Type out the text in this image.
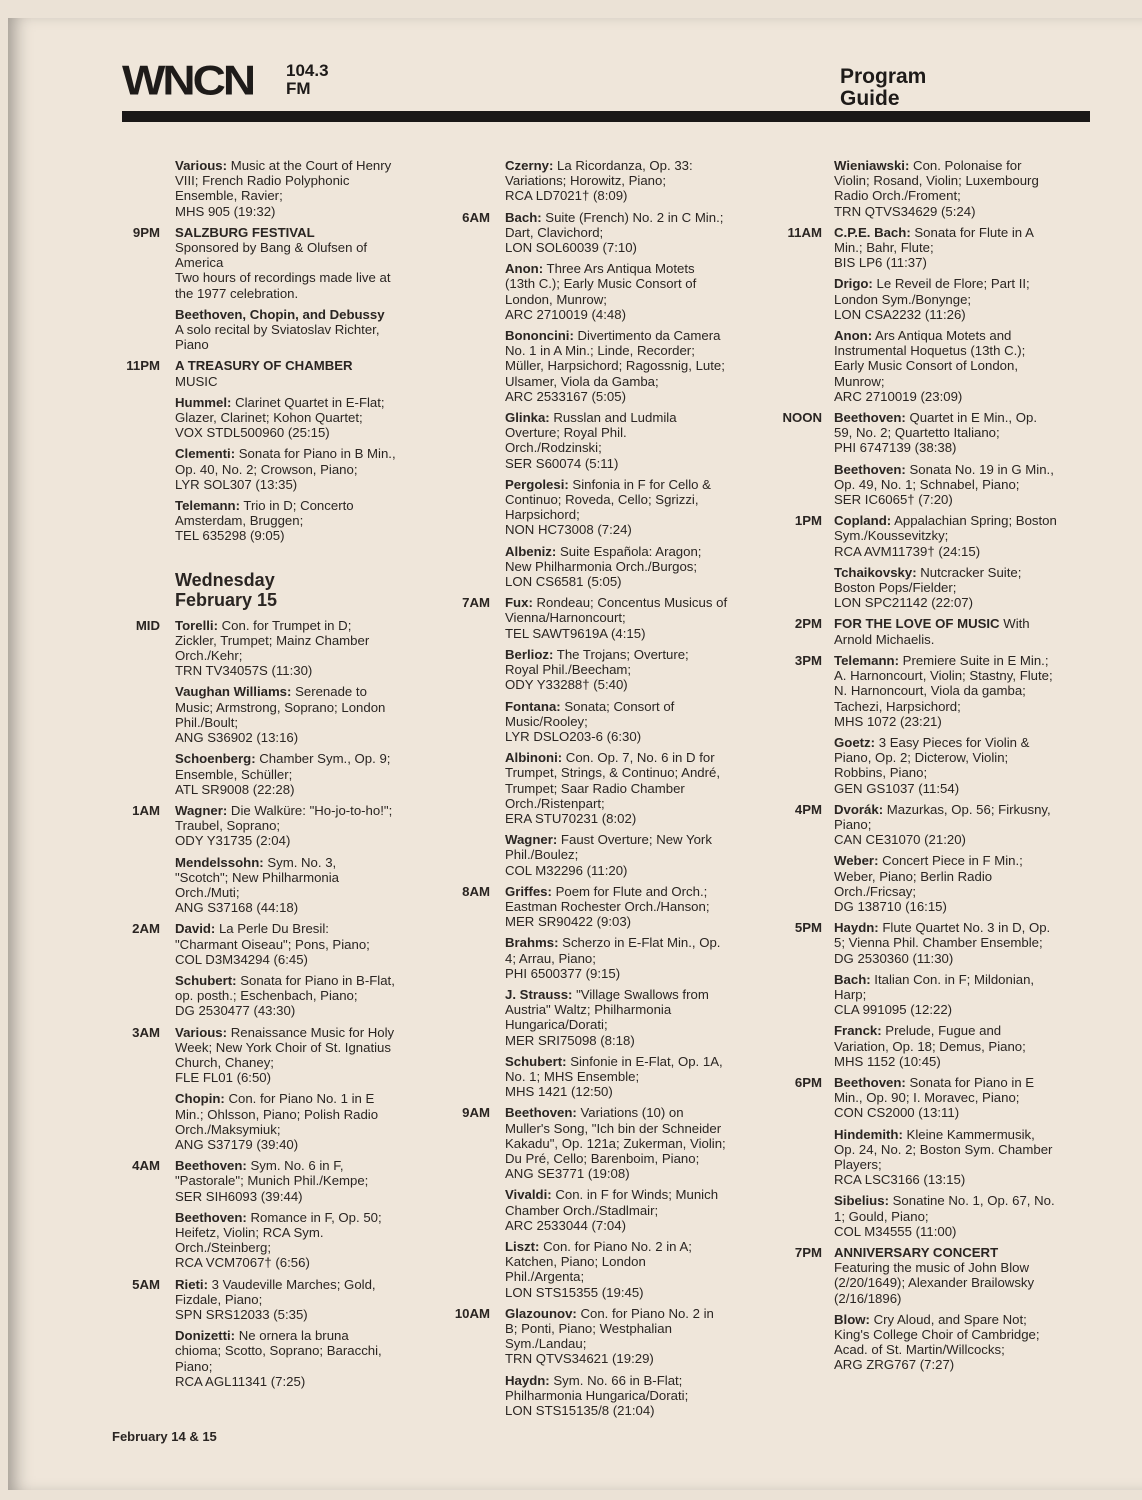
WNCN 104.3
FM
Program
Guide
Various: Music at the Court of Henry
VIII; French Radio Polyphonic
Ensemble, Ravier;
MHS 905 (19:32)
9PM SALZBURG FESTIVAL
Sponsored by Bang & Olufsen of
America
Two hours of recordings made live at
the 1977 celebration.
Beethoven, Chopin, and Debussy
A solo recital by Sviatoslav Richter,
Piano
11PM A TREASURY OF CHAMBER
MUSIC
Hummel: Clarinet Quartet in E-Flat;
Glazer, Clarinet; Kohon Quartet;
VOX STDL500960 (25:15)
Clementi: Sonata for Piano in B Min.,
Op. 40, No. 2; Crowson, Piano;
LYR SOL307 (13:35)
Telemann: Trio in D; Concerto
Amsterdam, Bruggen;
TEL 635298 (9:05)
Wednesday
February 15
MID Torelli: Con. for Trumpet in D;
Zickler, Trumpet; Mainz Chamber
Orch./Kehr;
TRN TV34057S (11:30)
Vaughan Williams: Serenade to
Music; Armstrong, Soprano; London
Phil./Boult;
ANG S36902 (13:16)
Schoenberg: Chamber Sym., Op. 9;
Ensemble, Schüller;
ATL SR9008 (22:28)
1AM Wagner: Die Walküre: "Ho-jo-to-ho!";
Traubel, Soprano;
ODY Y31735 (2:04)
Mendelssohn: Sym. No. 3,
"Scotch"; New Philharmonia
Orch./Muti;
ANG S37168 (44:18)
2AM David: La Perle Du Bresil:
"Charmant Oiseau"; Pons, Piano;
COL D3M34294 (6:45)
Schubert: Sonata for Piano in B-Flat,
op. posth.; Eschenbach, Piano;
DG 2530477 (43:30)
3AM Various: Renaissance Music for Holy
Week; New York Choir of St. Ignatius
Church, Chaney;
FLE FL01 (6:50)
Chopin: Con. for Piano No. 1 in E
Min.; Ohlsson, Piano; Polish Radio
Orch./Maksymiuk;
ANG S37179 (39:40)
4AM Beethoven: Sym. No. 6 in F,
"Pastorale"; Munich Phil./Kempe;
SER SIH6093 (39:44)
Beethoven: Romance in F, Op. 50;
Heifetz, Violin; RCA Sym.
Orch./Steinberg;
RCA VCM7067† (6:56)
5AM Rieti: 3 Vaudeville Marches; Gold,
Fizdale, Piano;
SPN SRS12033 (5:35)
Donizetti: Ne ornera la bruna
chioma; Scotto, Soprano; Baracchi,
Piano;
RCA AGL11341 (7:25)
Czerny: La Ricordanza, Op. 33:
Variations; Horowitz, Piano;
RCA LD7021† (8:09)
6AM Bach: Suite (French) No. 2 in C Min.;
Dart, Clavichord;
LON SOL60039 (7:10)
Anon: Three Ars Antiqua Motets
(13th C.); Early Music Consort of
London, Munrow;
ARC 2710019 (4:48)
Bononcini: Divertimento da Camera
No. 1 in A Min.; Linde, Recorder;
Müller, Harpsichord; Ragossnig, Lute;
Ulsamer, Viola da Gamba;
ARC 2533167 (5:05)
Glinka: Russlan and Ludmila
Overture; Royal Phil.
Orch./Rodzinski;
SER S60074 (5:11)
Pergolesi: Sinfonia in F for Cello &
Continuo; Roveda, Cello; Sgrizzi,
Harpsichord;
NON HC73008 (7:24)
Albeniz: Suite Española: Aragon;
New Philharmonia Orch./Burgos;
LON CS6581 (5:05)
7AM Fux: Rondeau; Concentus Musicus of
Vienna/Harnoncourt;
TEL SAWT9619A (4:15)
Berlioz: The Trojans; Overture;
Royal Phil./Beecham;
ODY Y33288† (5:40)
Fontana: Sonata; Consort of
Music/Rooley;
LYR DSLO203-6 (6:30)
Albinoni: Con. Op. 7, No. 6 in D for
Trumpet, Strings, & Continuo; André,
Trumpet; Saar Radio Chamber
Orch./Ristenpart;
ERA STU70231 (8:02)
Wagner: Faust Overture; New York
Phil./Boulez;
COL M32296 (11:20)
8AM Griffes: Poem for Flute and Orch.;
Eastman Rochester Orch./Hanson;
MER SR90422 (9:03)
Brahms: Scherzo in E-Flat Min., Op.
4; Arrau, Piano;
PHI 6500377 (9:15)
J. Strauss: "Village Swallows from
Austria" Waltz; Philharmonia
Hungarica/Dorati;
MER SRI75098 (8:18)
Schubert: Sinfonie in E-Flat, Op. 1A,
No. 1; MHS Ensemble;
MHS 1421 (12:50)
9AM Beethoven: Variations (10) on
Muller's Song, "Ich bin der Schneider
Kakadu", Op. 121a; Zukerman, Violin;
Du Pré, Cello; Barenboim, Piano;
ANG SE3771 (19:08)
Vivaldi: Con. in F for Winds; Munich
Chamber Orch./Stadlmair;
ARC 2533044 (7:04)
Liszt: Con. for Piano No. 2 in A;
Katchen, Piano; London
Phil./Argenta;
LON STS15355 (19:45)
10AM Glazounov: Con. for Piano No. 2 in
B; Ponti, Piano; Westphalian
Sym./Landau;
TRN QTVS34621 (19:29)
Haydn: Sym. No. 66 in B-Flat;
Philharmonia Hungarica/Dorati;
LON STS15135/8 (21:04)
Wieniawski: Con. Polonaise for
Violin; Rosand, Violin; Luxembourg
Radio Orch./Froment;
TRN QTVS34629 (5:24)
11AM C.P.E. Bach: Sonata for Flute in A
Min.; Bahr, Flute;
BIS LP6 (11:37)
Drigo: Le Reveil de Flore; Part II;
London Sym./Bonynge;
LON CSA2232 (11:26)
Anon: Ars Antiqua Motets and
Instrumental Hoquetus (13th C.);
Early Music Consort of London,
Munrow;
ARC 2710019 (23:09)
NOON Beethoven: Quartet in E Min., Op.
59, No. 2; Quartetto Italiano;
PHI 6747139 (38:38)
Beethoven: Sonata No. 19 in G Min.,
Op. 49, No. 1; Schnabel, Piano;
SER IC6065† (7:20)
1PM Copland: Appalachian Spring; Boston
Sym./Koussevitzky;
RCA AVM11739† (24:15)
Tchaikovsky: Nutcracker Suite;
Boston Pops/Fielder;
LON SPC21142 (22:07)
2PM FOR THE LOVE OF MUSIC With
Arnold Michaelis.
3PM Telemann: Premiere Suite in E Min.;
A. Harnoncourt, Violin; Stastny, Flute;
N. Harnoncourt, Viola da gamba;
Tachezi, Harpsichord;
MHS 1072 (23:21)
Goetz: 3 Easy Pieces for Violin &
Piano, Op. 2; Dicterow, Violin;
Robbins, Piano;
GEN GS1037 (11:54)
4PM Dvorák: Mazurkas, Op. 56; Firkusny,
Piano;
CAN CE31070 (21:20)
Weber: Concert Piece in F Min.;
Weber, Piano; Berlin Radio
Orch./Fricsay;
DG 138710 (16:15)
5PM Haydn: Flute Quartet No. 3 in D, Op.
5; Vienna Phil. Chamber Ensemble;
DG 2530360 (11:30)
Bach: Italian Con. in F; Mildonian,
Harp;
CLA 991095 (12:22)
Franck: Prelude, Fugue and
Variation, Op. 18; Demus, Piano;
MHS 1152 (10:45)
6PM Beethoven: Sonata for Piano in E
Min., Op. 90; I. Moravec, Piano;
CON CS2000 (13:11)
Hindemith: Kleine Kammermusik,
Op. 24, No. 2; Boston Sym. Chamber
Players;
RCA LSC3166 (13:15)
Sibelius: Sonatine No. 1, Op. 67, No.
1; Gould, Piano;
COL M34555 (11:00)
7PM ANNIVERSARY CONCERT
Featuring the music of John Blow
(2/20/1649); Alexander Brailowsky
(2/16/1896)
Blow: Cry Aloud, and Spare Not;
King's College Choir of Cambridge;
Acad. of St. Martin/Willcocks;
ARG ZRG767 (7:27)
February 14 & 15
